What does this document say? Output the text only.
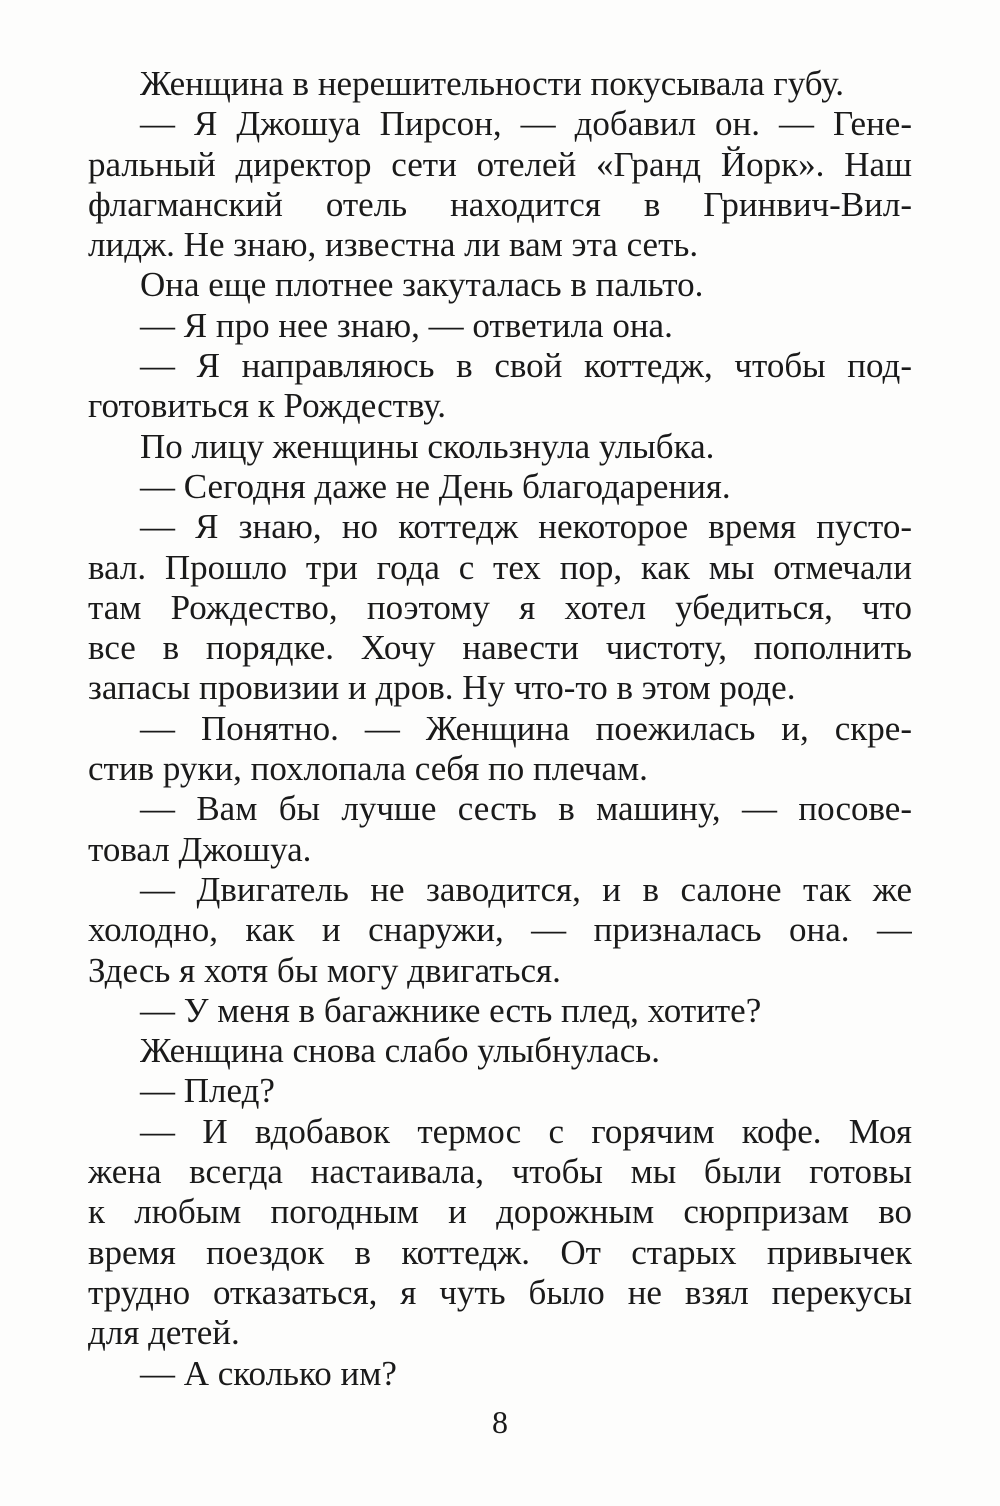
Женщина в нерешительности покусывала губу.
— Я Джошуа Пирсон, — добавил он. — Гене-
ральный директор сети отелей «Гранд Йорк». Наш
флагманский отель находится в Гринвич-Вил-
лидж. Не знаю, известна ли вам эта сеть.
Она еще плотнее закуталась в пальто.
— Я про нее знаю, — ответила она.
— Я направляюсь в свой коттедж, чтобы под-
готовиться к Рождеству.
По лицу женщины скользнула улыбка.
— Сегодня даже не День благодарения.
— Я знаю, но коттедж некоторое время пусто-
вал. Прошло три года с тех пор, как мы отмечали
там Рождество, поэтому я хотел убедиться, что
все в порядке. Хочу навести чистоту, пополнить
запасы провизии и дров. Ну что-то в этом роде.
— Понятно. — Женщина поежилась и, скре-
стив руки, похлопала себя по плечам.
— Вам бы лучше сесть в машину, — посове-
товал Джошуа.
— Двигатель не заводится, и в салоне так же
холодно, как и снаружи, — призналась она. —
Здесь я хотя бы могу двигаться.
— У меня в багажнике есть плед, хотите?
Женщина снова слабо улыбнулась.
— Плед?
— И вдобавок термос с горячим кофе. Моя
жена всегда настаивала, чтобы мы были готовы
к любым погодным и дорожным сюрпризам во
время поездок в коттедж. От старых привычек
трудно отказаться, я чуть было не взял перекусы
для детей.
— А сколько им?
8
